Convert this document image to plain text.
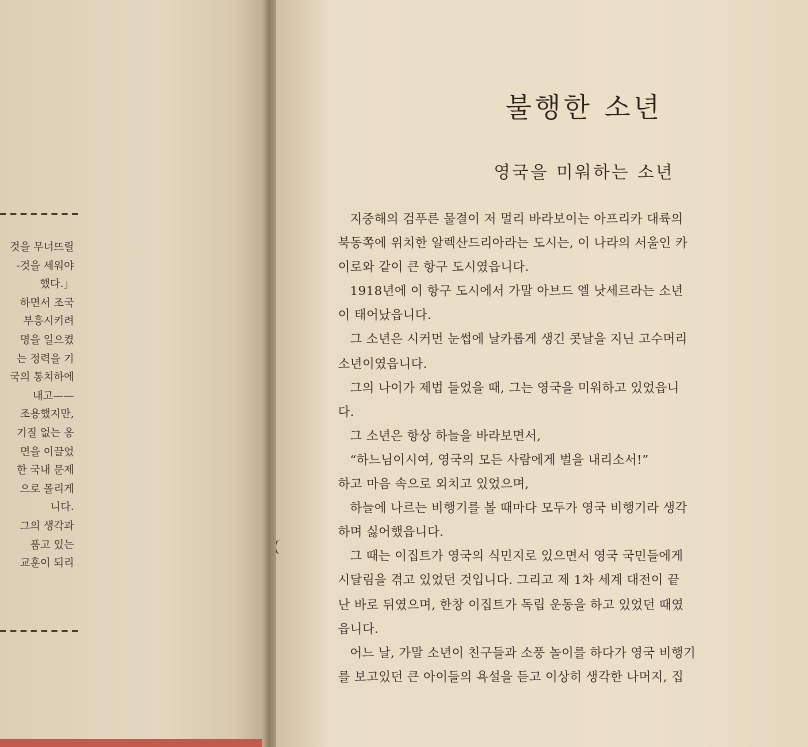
것을 무너뜨릴
-것을 세워야
했다.」
하면서 조국
부흥시키려
명을 일으켰
는 정력을 기
국의 통치하에
내고——
조용했지만,
기질 없는 옹
면을 이끌었
한 국내 문제
으로 몰리게
니다.
그의 생각과
품고 있는
교훈이 되리
불행한 소년
영국을 미워하는 소년
지중해의 검푸른 물결이 저 멀리 바라보이는 아프리카 대륙의
북동쪽에 위치한 알렉산드리아라는 도시는, 이 나라의 서울인 카
이로와 같이 큰 항구 도시였읍니다.
1918년에 이 항구 도시에서 가말 아브드 엘 낫세르라는 소년
이 태어났읍니다.
그 소년은 시커먼 눈썹에 날카롭게 생긴 콧날을 지닌 고수머리
소년이였읍니다.
그의 나이가 제법 들었을 때, 그는 영국을 미워하고 있었읍니
다.
그 소년은 항상 하늘을 바라보면서,
“하느님이시여, 영국의 모든 사람에게 벌을 내리소서!”
하고 마음 속으로 외치고 있었으며,
하늘에 나르는 비행기를 볼 때마다 모두가 영국 비행기라 생각
하며 싫어했읍니다.
그 때는 이집트가 영국의 식민지로 있으면서 영국 국민들에게
시달림을 겪고 있었던 것입니다. 그리고 제 1차 세계 대전이 끝
난 바로 뒤였으며, 한창 이집트가 독립 운동을 하고 있었던 때였
읍니다.
어느 날, 가말 소년이 친구들과 소풍 놀이를 하다가 영국 비행기
를 보고있던 큰 아이들의 욕설을 듣고 이상히 생각한 나머지, 집
